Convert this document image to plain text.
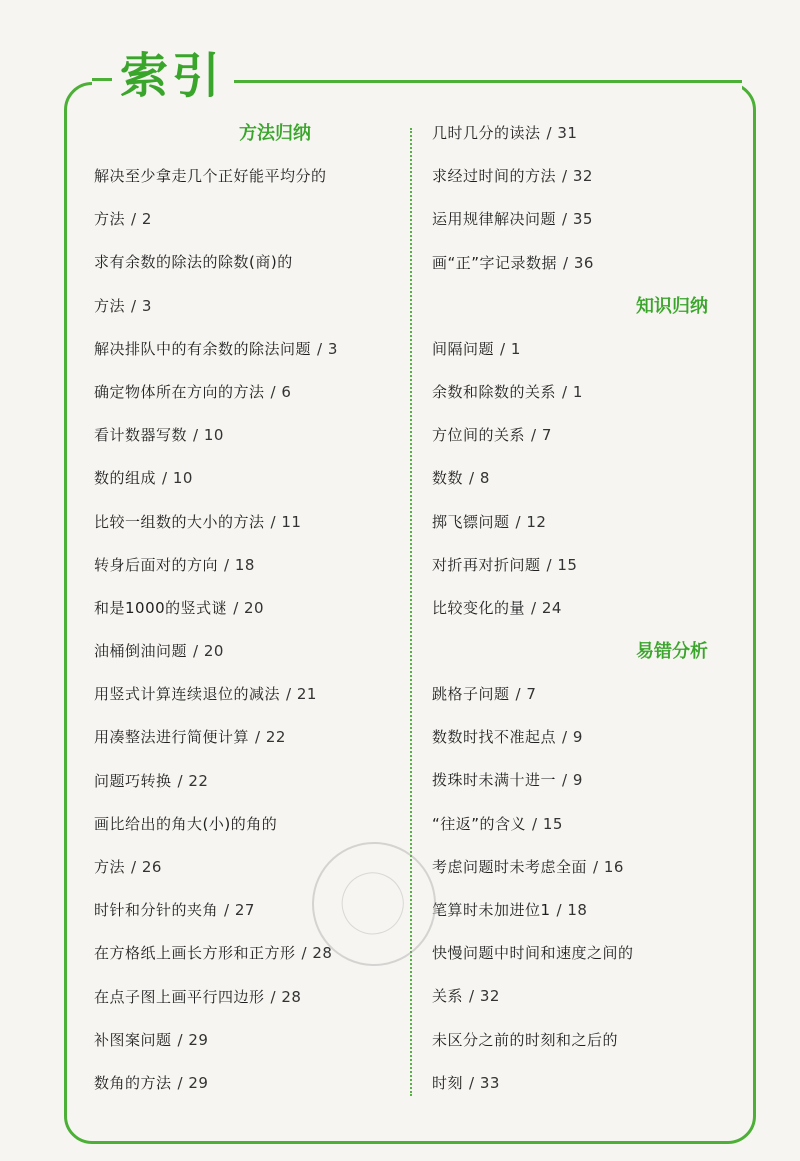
索引
方法归纳
解决至少拿走几个正好能平均分的
方法 / 2
求有余数的除法的除数(商)的
方法 / 3
解决排队中的有余数的除法问题 / 3
确定物体所在方向的方法 / 6
看计数器写数 / 10
数的组成 / 10
比较一组数的大小的方法 / 11
转身后面对的方向 / 18
和是1000的竖式谜 / 20
油桶倒油问题 / 20
用竖式计算连续退位的减法 / 21
用凑整法进行简便计算 / 22
问题巧转换 / 22
画比给出的角大(小)的角的
方法 / 26
时针和分针的夹角 / 27
在方格纸上画长方形和正方形 / 28
在点子图上画平行四边形 / 28
补图案问题 / 29
数角的方法 / 29
几时几分的读法 / 31
求经过时间的方法 / 32
运用规律解决问题 / 35
画“正”字记录数据 / 36
知识归纳
间隔问题 / 1
余数和除数的关系 / 1
方位间的关系 / 7
数数 / 8
掷飞镖问题 / 12
对折再对折问题 / 15
比较变化的量 / 24
易错分析
跳格子问题 / 7
数数时找不准起点 / 9
拨珠时未满十进一 / 9
“往返”的含义 / 15
考虑问题时未考虑全面 / 16
笔算时未加进位1 / 18
快慢问题中时间和速度之间的
关系 / 32
未区分之前的时刻和之后的
时刻 / 33
